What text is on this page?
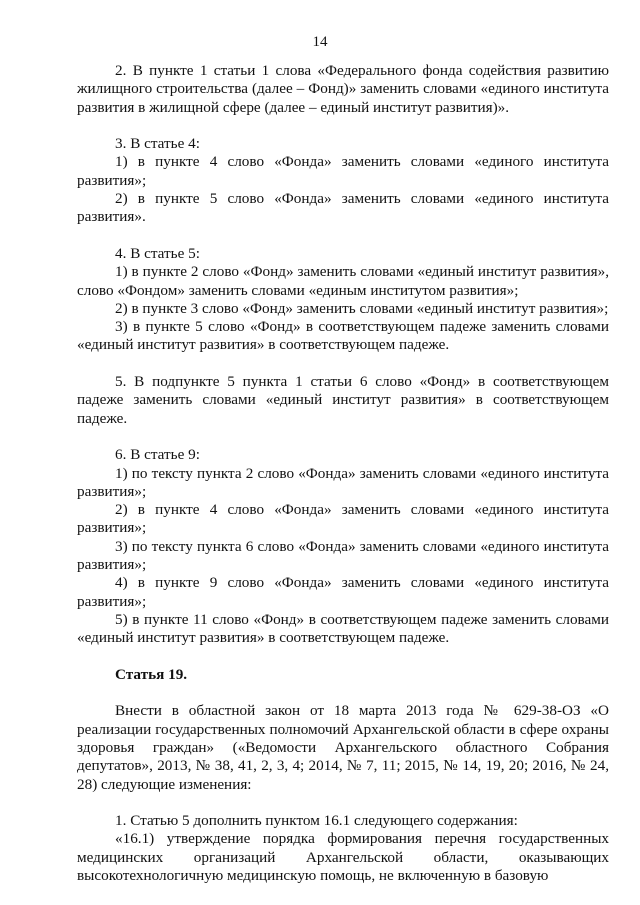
14

2. В пункте 1 статьи 1 слова «Федерального фонда содействия развитию жилищного строительства (далее – Фонд)» заменить словами «единого института развития в жилищной сфере (далее – единый институт развития)».

3. В статье 4:

1) в пункте 4 слово «Фонда» заменить словами «единого института развития»;

2) в пункте 5 слово «Фонда» заменить словами «единого института развития».

4. В статье 5:

1) в пункте 2 слово «Фонд» заменить словами «единый институт развития», слово «Фондом» заменить словами «единым институтом развития»;

2) в пункте 3 слово «Фонд» заменить словами «единый институт развития»;

3) в пункте 5 слово «Фонд» в соответствующем падеже заменить словами «единый институт развития» в соответствующем падеже.

5. В подпункте 5 пункта 1 статьи 6 слово «Фонд» в соответствующем падеже заменить словами «единый институт развития» в соответствующем падеже.

6. В статье 9:

1) по тексту пункта 2 слово «Фонда» заменить словами «единого института развития»;

2) в пункте 4 слово «Фонда» заменить словами «единого института развития»;

3) по тексту пункта 6 слово «Фонда» заменить словами «единого института развития»;

4) в пункте 9 слово «Фонда» заменить словами «единого института развития»;

5) в пункте 11 слово «Фонд» в соответствующем падеже заменить словами «единый институт развития» в соответствующем падеже.

Статья 19.

Внести в областной закон от 18 марта 2013 года № 629-38-ОЗ «О реализации государственных полномочий Архангельской области в сфере охраны здоровья граждан» («Ведомости Архангельского областного Собрания депутатов», 2013, № 38, 41, 2, 3, 4; 2014, № 7, 11; 2015, № 14, 19, 20; 2016, № 24, 28) следующие изменения:

1. Статью 5 дополнить пунктом 16.1 следующего содержания:

«16.1) утверждение порядка формирования перечня государственных медицинских организаций Архангельской области, оказывающих высокотехнологичную медицинскую помощь, не включенную в базовую
